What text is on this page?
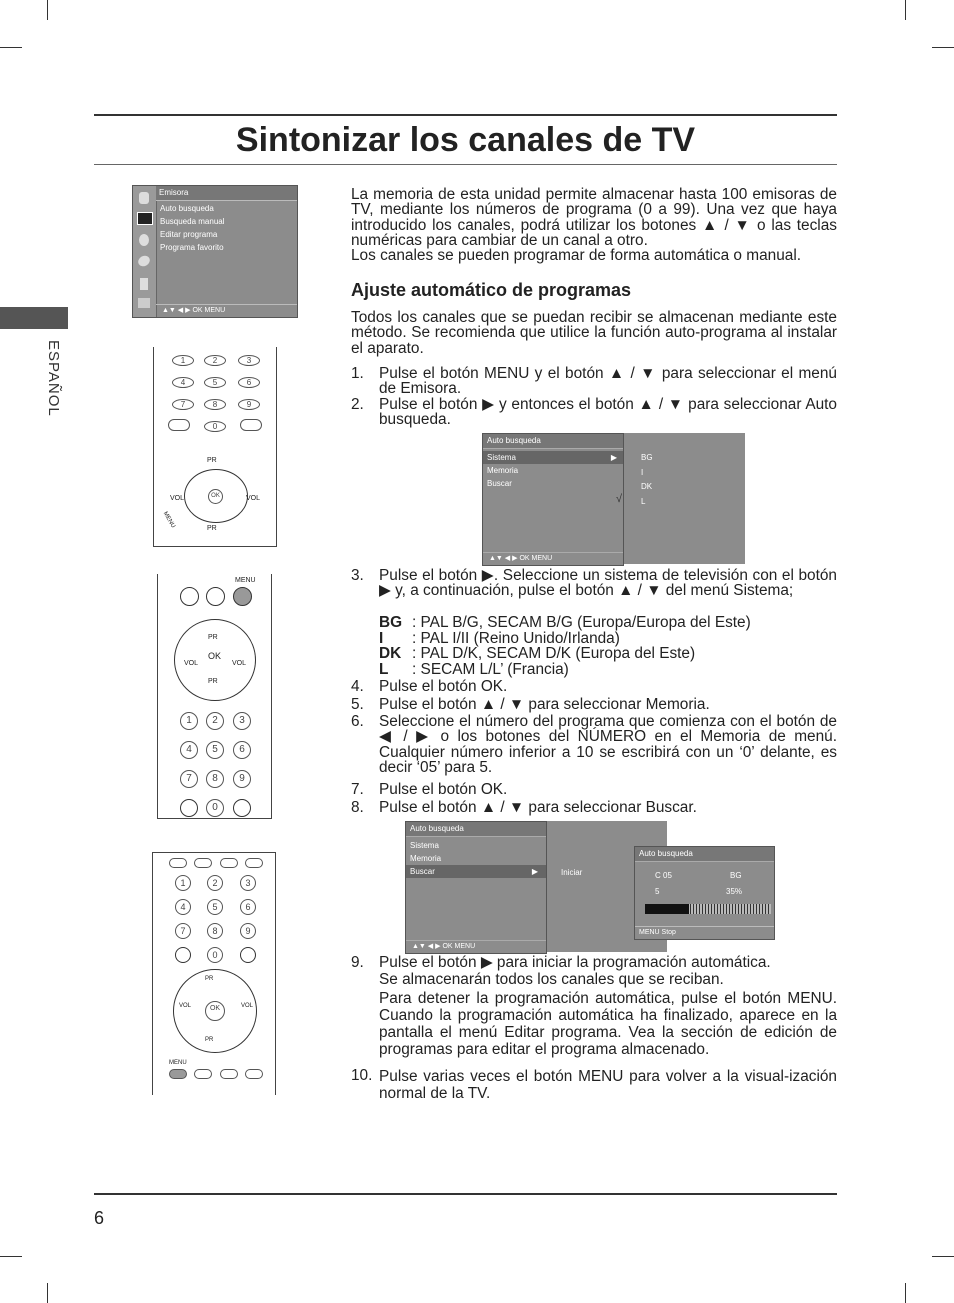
Sintonizar los canales de TV
ESPAÑOL
Emisora
Auto busqueda
Busqueda manual
Editar programa
Programa favorito
▲▼ ◀ ▶ OK MENU
1	2	3
4	5	6
7	8	9
0
PR
OK
VOL	VOL
PR
MENU
MENU
PR
OK
VOL	VOL
PR
1	2	3
4	5	6
7	8	9
0
1	2	3
4	5	6
7	8	9
0
PR
OK
VOL	VOL
PR
MENU
La memoria de esta unidad permite almacenar hasta 100 emisoras de TV, mediante los números de programa (0 a 99). Una vez que haya introducido los canales, podrá utilizar los botones ▲ / ▼ o las teclas numéricas para cambiar de un canal a otro.
Los canales se pueden programar de forma automática o manual.
Ajuste automático de programas
Todos los canales que se puedan recibir se almacenan mediante este método. Se recomienda que utilice la función auto-programa al instalar el aparato.
1. Pulse el botón MENU y el botón ▲ / ▼ para seleccionar el menú de Emisora.
2. Pulse el botón ▶ y entonces el botón ▲ / ▼ para seleccionar Auto busqueda.
Auto busqueda
Sistema	▶
Memoria
Buscar
▲▼ ◀ ▶ OK MENU
BG
I
DK
L
√
3. Pulse el botón ▶. Seleccione un sistema de televisión con el botón ▶ y, a continuación, pulse el botón ▲ / ▼ del menú Sistema;
BG : PAL B/G, SECAM B/G (Europa/Europa del Este)
I : PAL I/II (Reino Unido/Irlanda)
DK : PAL D/K, SECAM D/K (Europa del Este)
L : SECAM L/L’ (Francia)
4. Pulse el botón OK.
5. Pulse el botón ▲ / ▼ para seleccionar Memoria.
6. Seleccione el número del programa que comienza con el botón de ◀ / ▶ o los botones del NÚMERO en el Memoria de menú. Cualquier número inferior a 10 se escribirá con un ‘0’ delante, es decir ‘05’ para 5.
7. Pulse el botón OK.
8. Pulse el botón ▲ / ▼ para seleccionar Buscar.
Auto busqueda
Sistema
Memoria
Buscar	▶
▲▼ ◀ ▶ OK MENU
Iniciar
Auto busqueda
C 05	BG
5	35%
MENU Stop
9. Pulse el botón ▶ para iniciar la programación automática.
Se almacenarán todos los canales que se reciban.
Para detener la programación automática, pulse el botón MENU. Cuando la programación automática ha finalizado, aparece en la pantalla el menú Editar programa. Vea la sección de edición de programas para editar el programa almacenado.
10. Pulse varias veces el botón MENU para volver a la visual-ización normal de la TV.
6
